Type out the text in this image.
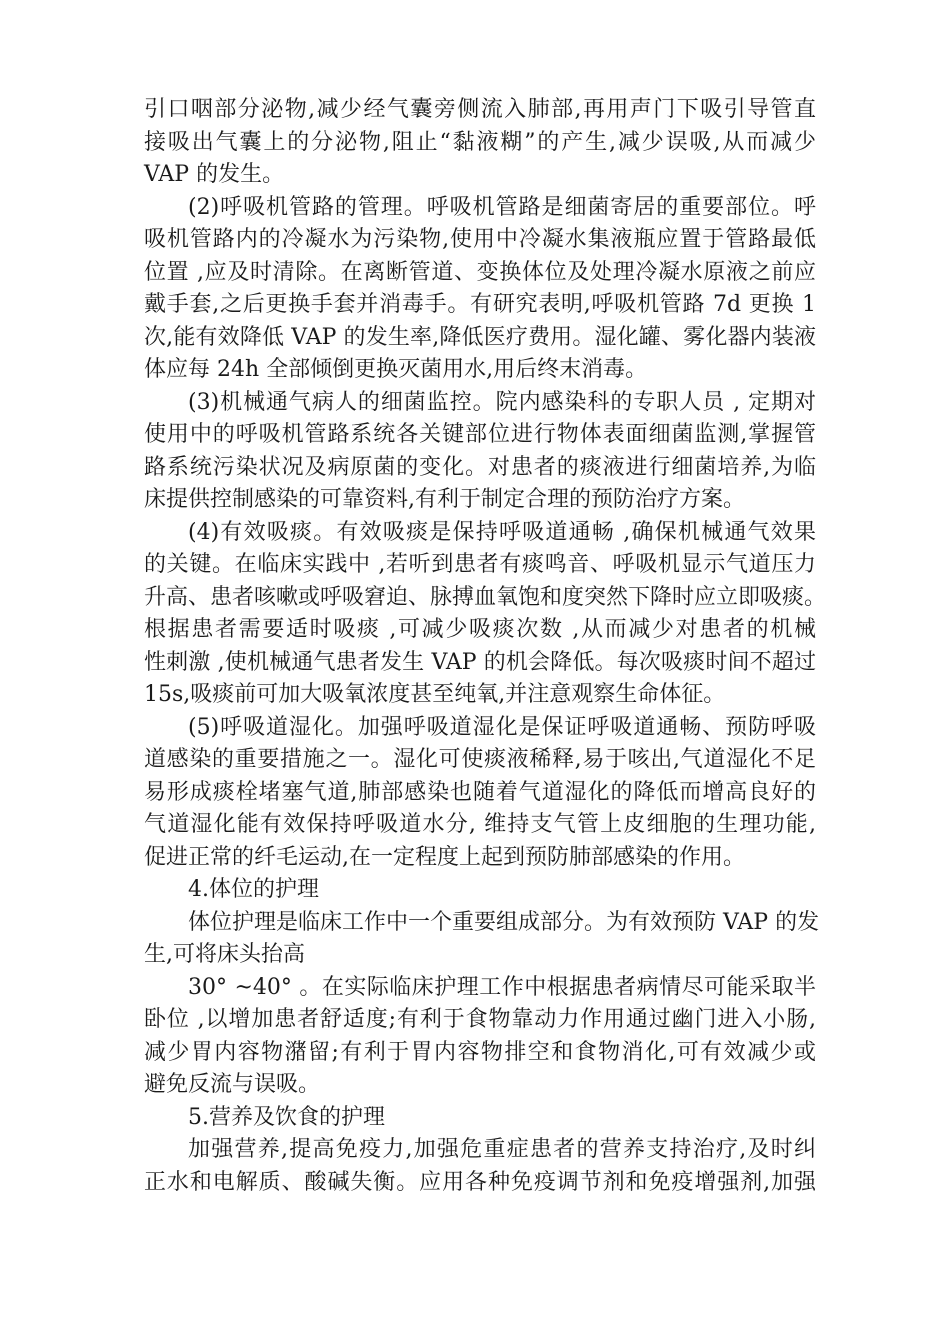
引口咽部分泌物,减少经气囊旁侧流入肺部,再用声门下吸引导管直
接吸出气囊上的分泌物,阻止“黏液糊”的产生,减少误吸,从而减少
VAP 的发生。
(2)呼吸机管路的管理。呼吸机管路是细菌寄居的重要部位。呼
吸机管路内的冷凝水为污染物,使用中冷凝水集液瓶应置于管路最低
位置 ,应及时清除。在离断管道、变换体位及处理冷凝水原液之前应
戴手套,之后更换手套并消毒手。有研究表明,呼吸机管路 7d 更换 1
次,能有效降低 VAP 的发生率,降低医疗费用。湿化罐、雾化器内装液
体应每 24h 全部倾倒更换灭菌用水,用后终末消毒。
(3)机械通气病人的细菌监控。院内感染科的专职人员 , 定期对
使用中的呼吸机管路系统各关键部位进行物体表面细菌监测,掌握管
路系统污染状况及病原菌的变化。对患者的痰液进行细菌培养,为临
床提供控制感染的可靠资料,有利于制定合理的预防治疗方案。
(4)有效吸痰。有效吸痰是保持呼吸道通畅 ,确保机械通气效果
的关键。在临床实践中 ,若听到患者有痰鸣音、呼吸机显示气道压力
升高、患者咳嗽或呼吸窘迫、脉搏血氧饱和度突然下降时应立即吸痰。
根据患者需要适时吸痰 ,可减少吸痰次数 ,从而减少对患者的机械
性刺激 ,使机械通气患者发生 VAP 的机会降低。每次吸痰时间不超过
15s,吸痰前可加大吸氧浓度甚至纯氧,并注意观察生命体征。
(5)呼吸道湿化。加强呼吸道湿化是保证呼吸道通畅、预防呼吸
道感染的重要措施之一。湿化可使痰液稀释,易于咳出,气道湿化不足
易形成痰栓堵塞气道,肺部感染也随着气道湿化的降低而增高良好的
气道湿化能有效保持呼吸道水分, 维持支气管上皮细胞的生理功能,
促进正常的纤毛运动,在一定程度上起到预防肺部感染的作用。
4.体位的护理
体位护理是临床工作中一个重要组成部分。为有效预防 VAP 的发
生,可将床头抬高
30° ~40° 。在实际临床护理工作中根据患者病情尽可能采取半
卧位 ,以增加患者舒适度;有利于食物靠动力作用通过幽门进入小肠,
减少胃内容物潴留;有利于胃内容物排空和食物消化,可有效减少或
避免反流与误吸。
5.营养及饮食的护理
加强营养,提高免疫力,加强危重症患者的营养支持治疗,及时纠
正水和电解质、酸碱失衡。应用各种免疫调节剂和免疫增强剂,加强
